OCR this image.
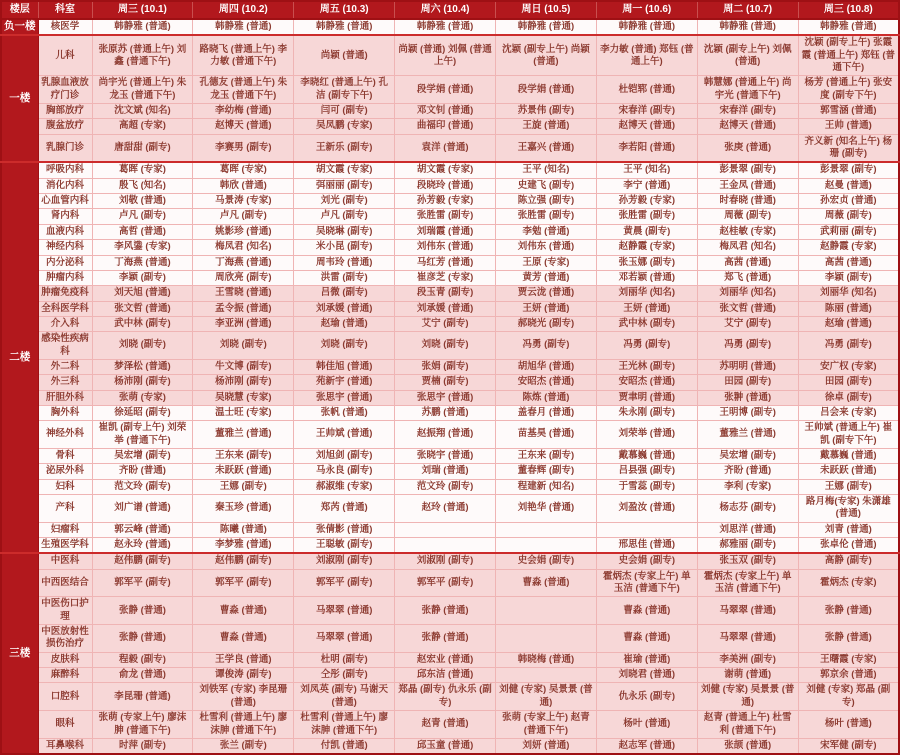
楼层	科室	周三 (10.1)	周四 (10.2)	周五 (10.3)	周六 (10.4)	周日 (10.5)	周一 (10.6)	周二 (10.7)	周三 (10.8)
负一楼	核医学	韩静雅 (普通)	韩静雅 (普通)	韩静雅 (普通)	韩静雅 (普通)	韩静雅 (普通)	韩静雅 (普通)	韩静雅 (普通)	韩静雅 (普通)
一楼	儿科	张原苏 (普通上午) 刘鑫 (普通下午)	路晓飞 (普通上午) 李力敏 (普通下午)	尚颖 (普通)	尚颖 (普通) 刘佩 (普通上午)	沈颖 (副专上午) 尚颖 (普通)	李力敏 (普通) 郑钰 (普通上午)	沈颖 (副专上午) 刘佩 (普通)	沈颖 (副专上午) 张霞霞 (普通上午) 郑钰 (普通下午)
	乳腺血液放疗门诊	尚宇光 (普通上午) 朱龙玉 (普通下午)	孔德友 (普通上午) 朱龙玉 (普通下午)	李晓红 (普通上午) 孔洁 (副专下午)	段学娟 (普通)	段学娟 (普通)	杜铠郓 (普通)	韩慧娜 (普通上午) 尚宇光 (普通下午)	杨芳 (普通上午) 张安度 (副专下午)
	胸部放疗	沈文斌 (知名)	李幼梅 (普通)	闫可 (副专)	邓文钊 (普通)	苏景伟 (副专)	宋春洋 (副专)	宋春洋 (副专)	郭雪涵 (普通)
	腹盆放疗	高超 (专家)	赵博天 (普通)	吴凤鹏 (专家)	曲福印 (普通)	王旋 (普通)	赵博天 (普通)	赵博天 (普通)	王帅 (普通)
	乳腺门诊	唐甜甜 (副专)	李赛男 (副专)	王新乐 (副专)	袁洋 (普通)	王嘉兴 (普通)	李若阳 (普通)	张庚 (普通)	齐义新 (知名上午) 杨珊 (副专)
二楼	呼吸内科	葛晖 (专家)	葛晖 (专家)	胡文霞 (专家)	胡文霞 (专家)	王平 (知名)	王平 (知名)	彭景翠 (副专)	彭景翠 (副专)
	消化内科	殷飞 (知名)	韩欣 (普通)	弭丽丽 (副专)	段晓玲 (普通)	史建飞 (副专)	李宁 (普通)	王金凤 (普通)	赵曼 (普通)
	心血管内科	刘敬 (普通)	马景涛 (专家)	刘光 (副专)	孙芳毅 (专家)	陈立强 (副专)	孙芳毅 (专家)	时春晓 (普通)	孙宏贞 (普通)
	肾内科	卢凡 (副专)	卢凡 (副专)	卢凡 (副专)	张胜雷 (副专)	张胜雷 (副专)	张胜雷 (副专)	周薇 (副专)	周薇 (副专)
	血液内科	高哲 (普通)	姚影珍 (普通)	吴晓琳 (副专)	刘瑞霞 (普通)	李勉 (普通)	黄晨 (副专)	赵桂敏 (专家)	武莉丽 (副专)
	神经内科	李风鍌 (专家)	梅凤君 (知名)	米小昆 (副专)	刘伟东 (普通)	刘伟东 (普通)	赵静霞 (专家)	梅凤君 (知名)	赵静霞 (专家)
	内分泌科	丁海燕 (普通)	丁海燕 (普通)	周韦玲 (普通)	马红芳 (普通)	王原 (专家)	张玉娜 (副专)	高茜 (普通)	高茜 (普通)
	肿瘤内科	李颖 (副专)	周欣亮 (副专)	洪雷 (副专)	崔彦芝 (专家)	黄芳 (普通)	邓若颖 (普通)	郑飞 (普通)	李颖 (副专)
	肿瘤免疫科	刘天旭 (普通)	王雪晓 (普通)	吕微 (副专)	段玉青 (副专)	贾云泷 (普通)	刘丽华 (知名)	刘丽华 (知名)	刘丽华 (知名)
	全科医学科	张文哲 (普通)	孟令振 (普通)	刘承媛 (普通)	刘承媛 (普通)	王妍 (普通)	王妍 (普通)	张文哲 (普通)	陈丽 (普通)
	介入科	武中林 (副专)	李亚洲 (普通)	赵瑜 (普通)	艾宁 (副专)	郝晓光 (副专)	武中林 (副专)	艾宁 (副专)	赵瑜 (普通)
	感染性疾病科	刘晓 (副专)	刘晓 (副专)	刘晓 (副专)	刘晓 (副专)	冯勇 (副专)	冯勇 (副专)	冯勇 (副专)	冯勇 (副专)
	外二科	梦泽松 (普通)	牛文博 (副专)	韩佳旭 (普通)	张娟 (副专)	胡旭华 (普通)	王光林 (副专)	苏明明 (普通)	安广权 (专家)
	外三科	杨沛刚 (副专)	杨沛刚 (副专)	苑新宇 (普通)	贾楠 (副专)	安昭杰 (普通)	安昭杰 (普通)	田园 (副专)	田园 (副专)
	肝胆外科	张萌 (专家)	吴晓慧 (专家)	张思宇 (普通)	张思宇 (普通)	陈炼 (普通)	贾聿明 (普通)	张翀 (普通)	徐卓 (副专)
	胸外科	徐延昭 (副专)	温士旺 (专家)	张帆 (普通)	苏鹏 (普通)	盖春月 (普通)	朱永刚 (副专)	王明博 (副专)	吕会来 (专家)
	神经外科	崔凯 (副专上午) 刘荣举 (普通下午)	董雅兰 (普通)	王帅斌 (普通)	赵振翔 (普通)	苗基昊 (普通)	刘荣举 (普通)	董雅兰 (普通)	王帅斌 (普通上午) 崔凯 (副专下午)
	骨科	吴宏增 (副专)	王东来 (副专)	刘旭剑 (副专)	张晓宇 (普通)	王东来 (副专)	戴慕巍 (普通)	吴宏增 (副专)	戴慕巍 (普通)
	泌尿外科	齐盼 (普通)	未跃跃 (普通)	马永良 (副专)	刘瑞 (普通)	董春辉 (副专)	吕县强 (副专)	齐盼 (普通)	未跃跃 (普通)
	妇科	范文玲 (副专)	王娜 (副专)	郝淑维 (专家)	范文玲 (副专)	程建新 (知名)	于雪蕊 (副专)	李利 (专家)	王娜 (副专)
	产科	刘广谱 (普通)	秦玉珍 (普通)	郑芮 (普通)	赵玲 (普通)	刘艳华 (普通)	刘盈汝 (普通)	杨志芬 (副专)	路月梅(专家) 朱潇雄 (普通)
	妇瘤科	郭云峰 (普通)	陈曦 (普通)	张倩影 (普通)				刘思洋 (普通)	刘青 (普通)
	生殖医学科	赵永玲 (普通)	李梦雅 (普通)	王聪敏 (副专)			邢思佳 (普通)	郝雅丽 (副专)	张卓伦 (普通)
三楼	中医科	赵伟鹏 (副专)	赵伟鹏 (副专)	刘淑刚 (副专)	刘淑刚 (副专)	史会娟 (副专)	史会娟 (副专)	张玉双 (副专)	高静 (副专)
	中西医结合	郭军平 (副专)	郭军平 (副专)	郭军平 (副专)	郭军平 (副专)	曹淼 (普通)	霍炳杰 (专家上午) 单玉洁 (普通下午)	霍炳杰 (专家上午) 单玉洁 (普通下午)	霍炳杰 (专家)
	中医伤口护理	张静 (普通)	曹淼 (普通)	马翠翠 (普通)	张静 (普通)		曹淼 (普通)	马翠翠 (普通)	张静 (普通)
	中医放射性损伤治疗	张静 (普通)	曹淼 (普通)	马翠翠 (普通)	张静 (普通)		曹淼 (普通)	马翠翠 (普通)	张静 (普通)
	皮肤科	程毅 (副专)	王学良 (普通)	杜明 (副专)	赵宏业 (普通)	韩晓梅 (普通)	崔瑜 (普通)	李美洲 (副专)	王曙霞 (专家)
	麻醉科	俞龙 (普通)	谭俊涛 (副专)	仝彤 (副专)	邱东洁 (普通)		刘晓君 (普通)	谢萌 (普通)	郭京余 (普通)
	口腔科	李昆珊 (普通)	刘铁军 (专家) 李昆珊 (普通)	刘凤英 (副专) 马谢天 (普通)	郑晶 (副专) 仇永乐 (副专)	刘健 (专家) 吴景景 (普通)	仇永乐 (副专)	刘健 (专家) 吴景景 (普通)	刘健 (专家) 郑晶 (副专)
	眼科	张萌 (专家上午) 廖沫胂 (普通下午)	杜雪利 (普通上午) 廖沫胂 (普通下午)	杜雪利 (普通上午) 廖沫胂 (普通下午)	赵青 (普通)	张萌 (专家上午) 赵青 (普通下午)	杨叶 (普通)	赵青 (普通上午) 杜雪利 (普通下午)	杨叶 (普通)
	耳鼻喉科	时萍 (副专)	张兰 (副专)	付凯 (普通)	邱玉童 (普通)	刘妍 (普通)	赵志军 (普通)	张颉 (普通)	宋军健 (副专)
